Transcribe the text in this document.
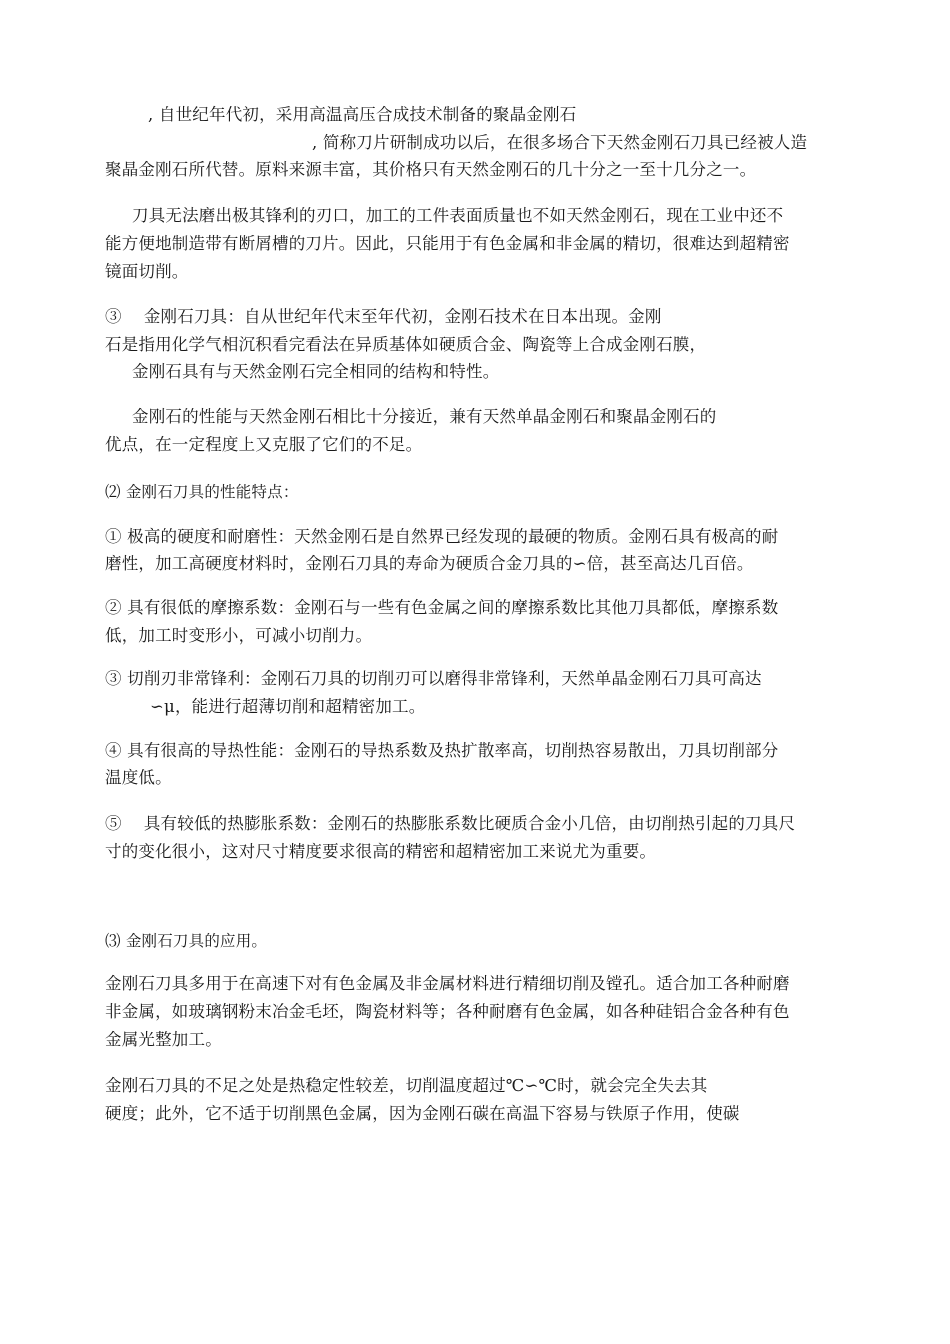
, 自世纪年代初，采用高温高压合成技术制备的聚晶金刚石
, 简称刀片研制成功以后，在很多场合下天然金刚石刀具已经被人造
聚晶金刚石所代替。原料来源丰富，其价格只有天然金刚石的几十分之一至十几分之一。
刀具无法磨出极其锋利的刃口，加工的工件表面质量也不如天然金刚石，现在工业中还不
能方便地制造带有断屑槽的刀片。因此，只能用于有色金属和非金属的精切，很难达到超精密
镜面切削。
③　 金刚石刀具：自从世纪年代末至年代初，金刚石技术在日本出现。金刚
石是指用化学气相沉积看完看法在异质基体如硬质合金、陶瓷等上合成金刚石膜，
金刚石具有与天然金刚石完全相同的结构和特性。
金刚石的性能与天然金刚石相比十分接近，兼有天然单晶金刚石和聚晶金刚石的
优点，在一定程度上又克服了它们的不足。
⑵ 金刚石刀具的性能特点：
① 极高的硬度和耐磨性：天然金刚石是自然界已经发现的最硬的物质。金刚石具有极高的耐
磨性，加工高硬度材料时，金刚石刀具的寿命为硬质合金刀具的∽倍，甚至高达几百倍。
② 具有很低的摩擦系数：金刚石与一些有色金属之间的摩擦系数比其他刀具都低，摩擦系数
低，加工时变形小，可减小切削力。
③ 切削刃非常锋利：金刚石刀具的切削刃可以磨得非常锋利，天然单晶金刚石刀具可高达
∽μ，能进行超薄切削和超精密加工。
④ 具有很高的导热性能：金刚石的导热系数及热扩散率高，切削热容易散出，刀具切削部分
温度低。
⑤　 具有较低的热膨胀系数：金刚石的热膨胀系数比硬质合金小几倍，由切削热引起的刀具尺
寸的变化很小，这对尺寸精度要求很高的精密和超精密加工来说尤为重要。
⑶ 金刚石刀具的应用。
金刚石刀具多用于在高速下对有色金属及非金属材料进行精细切削及镗孔。适合加工各种耐磨
非金属，如玻璃钢粉末冶金毛坯，陶瓷材料等；各种耐磨有色金属，如各种硅铝合金各种有色
金属光整加工。
金刚石刀具的不足之处是热稳定性较差，切削温度超过℃∽℃时，就会完全失去其
硬度；此外，它不适于切削黑色金属，因为金刚石碳在高温下容易与铁原子作用，使碳
